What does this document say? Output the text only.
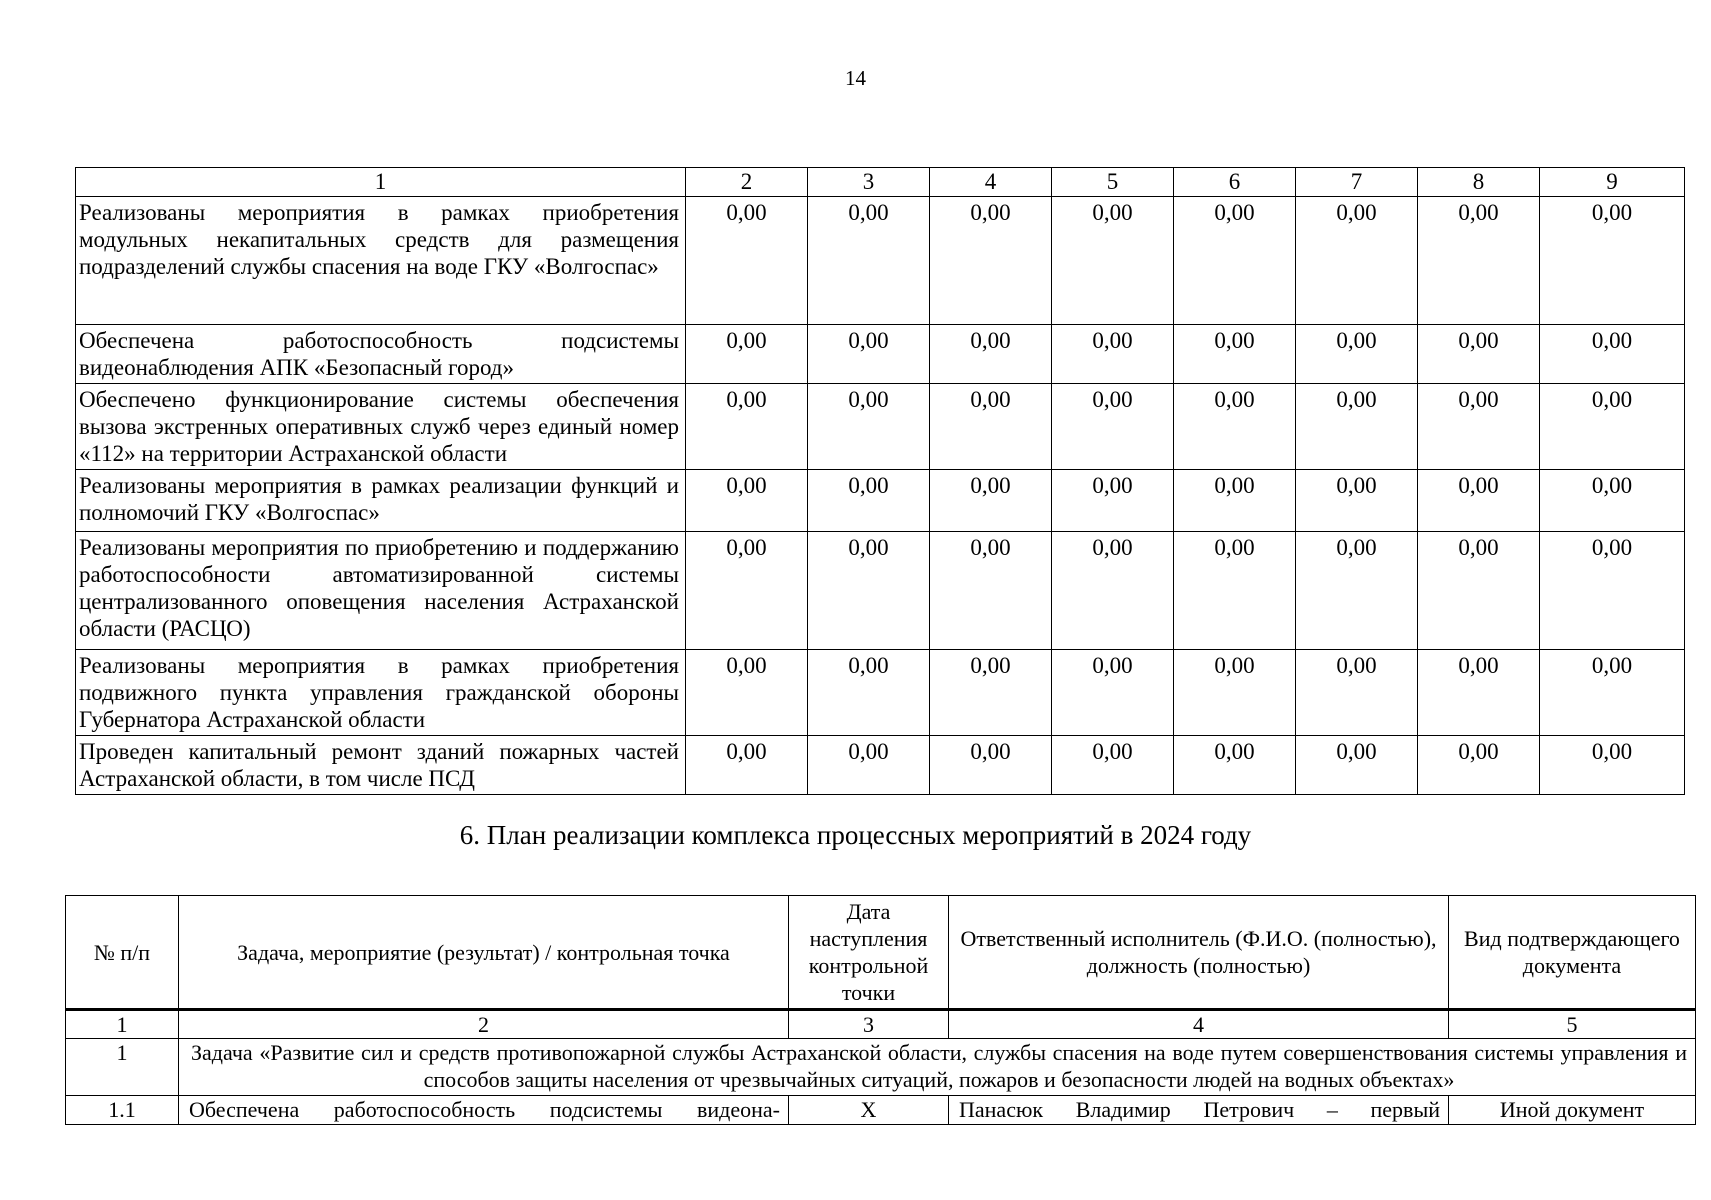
14
1	2	3	4	5	6	7	8	9
Реализованы мероприятия в рамках приобретения модульных некапитальных средств для размещения подразделений службы спасения на воде ГКУ «Волгоспас»	0,00	0,00	0,00	0,00	0,00	0,00	0,00	0,00
Обеспечена работоспособность подсистемы видеонаблюдения АПК «Безопасный город»	0,00	0,00	0,00	0,00	0,00	0,00	0,00	0,00
Обеспечено функционирование системы обеспечения вызова экстренных оперативных служб через единый номер «112» на территории Астраханской области	0,00	0,00	0,00	0,00	0,00	0,00	0,00	0,00
Реализованы мероприятия в рамках реализации функций и полномочий ГКУ «Волгоспас»	0,00	0,00	0,00	0,00	0,00	0,00	0,00	0,00
Реализованы мероприятия по приобретению и поддержанию работоспособности автоматизированной системы централизованного оповещения населения Астраханской области (РАСЦО)	0,00	0,00	0,00	0,00	0,00	0,00	0,00	0,00
Реализованы мероприятия в рамках приобретения подвижного пункта управления гражданской обороны Губернатора Астраханской области	0,00	0,00	0,00	0,00	0,00	0,00	0,00	0,00
Проведен капитальный ремонт зданий пожарных частей Астраханской области, в том числе ПСД	0,00	0,00	0,00	0,00	0,00	0,00	0,00	0,00
6. План реализации комплекса процессных мероприятий в 2024 году
№ п/п	Задача, мероприятие (результат) / контрольная точка	Дата наступления контрольной точки	Ответственный исполнитель (Ф.И.О. (полностью), должность (полностью)	Вид подтверждающего документа
1	2	3	4	5
1	Задача «Развитие сил и средств противопожарной службы Астраханской области, службы спасения на воде путем совершенствования системы управления и способов защиты населения от чрезвычайных ситуаций, пожаров и безопасности людей на водных объектах»			
1.1	Обеспечена работоспособность подсистемы видеона-	Х	Панасюк Владимир Петрович – первый	Иной документ
